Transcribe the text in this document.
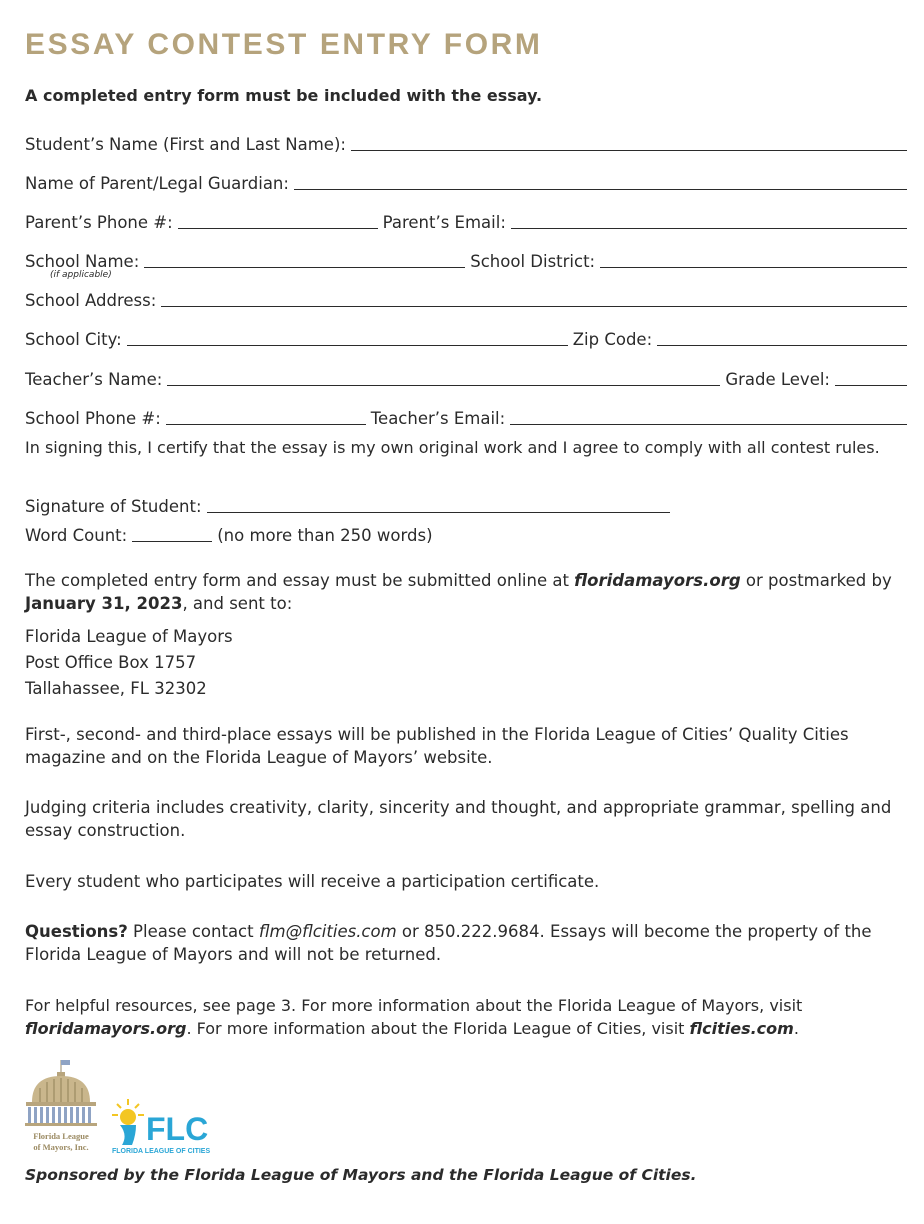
ESSAY CONTEST ENTRY FORM
A completed entry form must be included with the essay.
Student’s Name (First and Last Name):
Name of Parent/Legal Guardian:
Parent’s Phone #:	Parent’s Email:
School Name:	School District:
(if applicable)
School Address:
School City:	Zip Code:
Teacher’s Name:	Grade Level:
School Phone #:	Teacher’s Email:
In signing this, I certify that the essay is my own original work and I agree to comply with all contest rules.
Signature of Student:
Word Count:	(no more than 250 words)
The completed entry form and essay must be submitted online at floridamayors.org or postmarked by
January 31, 2023, and sent to:
Florida League of Mayors
Post Office Box 1757
Tallahassee, FL 32302
First-, second- and third-place essays will be published in the Florida League of Cities’ Quality Cities magazine and on the Florida League of Mayors’ website.
Judging criteria includes creativity, clarity, sincerity and thought, and appropriate grammar, spelling and essay construction.
Every student who participates will receive a participation certificate.
Questions? Please contact flm@flcities.com or 850.222.9684. Essays will become the property of the Florida League of Mayors and will not be returned.
For helpful resources, see page 3. For more information about the Florida League of Mayors, visit floridamayors.org. For more information about the Florida League of Cities, visit flcities.com.
Florida League
of Mayors, Inc. FLC
FLORIDA LEAGUE OF CITIES
Sponsored by the Florida League of Mayors and the Florida League of Cities.
